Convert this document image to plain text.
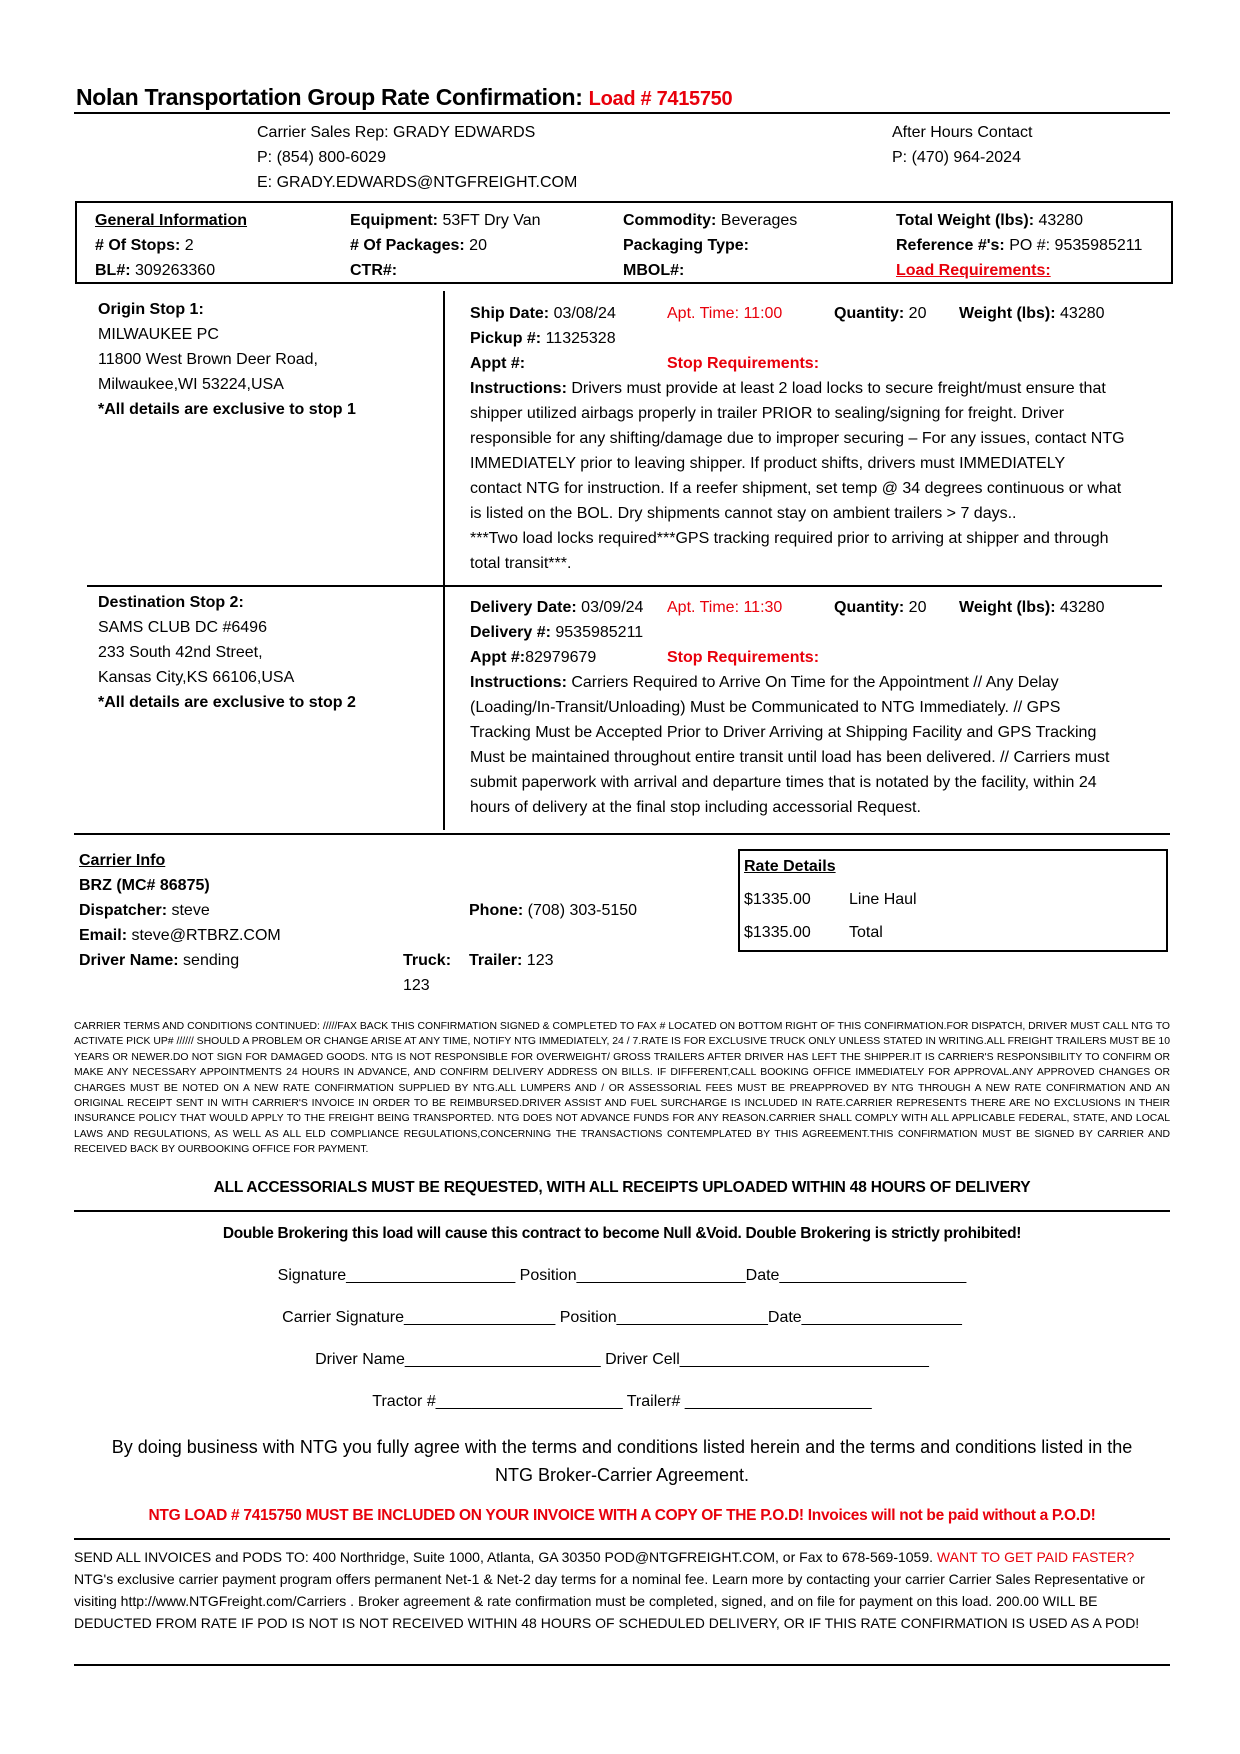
Nolan Transportation Group Rate Confirmation: Load # 7415750
Carrier Sales Rep: GRADY EDWARDS
P: (854) 800-6029
E: GRADY.EDWARDS@NTGFREIGHT.COM
After Hours Contact
P: (470) 964-2024
General Information	Equipment: 53FT Dry Van	Commodity: Beverages	Total Weight (lbs): 43280
# Of Stops: 2	# Of Packages: 20	Packaging Type:	Reference #'s: PO #: 9535985211
BL#: 309263360	CTR#:	MBOL#:	Load Requirements:
Origin Stop 1:
MILWAUKEE PC
11800 West Brown Deer Road,
Milwaukee,WI 53224,USA
*All details are exclusive to stop 1
Ship Date: 03/08/24	Apt. Time: 11:00	Quantity: 20 Weight (lbs): 43280
Pickup #: 11325328
Appt #:	Stop Requirements:
Instructions: Drivers must provide at least 2 load locks to secure freight/must ensure that
shipper utilized airbags properly in trailer PRIOR to sealing/signing for freight. Driver
responsible for any shifting/damage due to improper securing – For any issues, contact NTG
IMMEDIATELY prior to leaving shipper. If product shifts, drivers must IMMEDIATELY
contact NTG for instruction. If a reefer shipment, set temp @ 34 degrees continuous or what
is listed on the BOL. Dry shipments cannot stay on ambient trailers > 7 days..
***Two load locks required***GPS tracking required prior to arriving at shipper and through
total transit***.
Destination Stop 2:
SAMS CLUB DC #6496
233 South 42nd Street,
Kansas City,KS 66106,USA
*All details are exclusive to stop 2
Delivery Date: 03/09/24 Apt. Time: 11:30	Quantity: 20 Weight (lbs): 43280
Delivery #: 9535985211
Appt #:82979679	Stop Requirements:
Instructions: Carriers Required to Arrive On Time for the Appointment // Any Delay
(Loading/In-Transit/Unloading) Must be Communicated to NTG Immediately. // GPS
Tracking Must be Accepted Prior to Driver Arriving at Shipping Facility and GPS Tracking
Must be maintained throughout entire transit until load has been delivered. // Carriers must
submit paperwork with arrival and departure times that is notated by the facility, within 24
hours of delivery at the final stop including accessorial Request.
Carrier Info
BRZ (MC# 86875)
Dispatcher: steve	Phone: (708) 303-5150
Email: steve@RTBRZ.COM
Driver Name: sending	Truck:
123
Trailer: 123
Rate Details
$1335.00 Line Haul
$1335.00 Total
CARRIER TERMS AND CONDITIONS CONTINUED: /////FAX BACK THIS CONFIRMATION SIGNED & COMPLETED TO FAX # LOCATED ON BOTTOM RIGHT OF THIS CONFIRMATION.FOR DISPATCH, DRIVER MUST CALL NTG TO ACTIVATE PICK UP# ////// SHOULD A PROBLEM OR CHANGE ARISE AT ANY TIME, NOTIFY NTG IMMEDIATELY, 24 / 7.RATE IS FOR EXCLUSIVE TRUCK ONLY UNLESS STATED IN WRITING.ALL FREIGHT TRAILERS MUST BE 10 YEARS OR NEWER.DO NOT SIGN FOR DAMAGED GOODS. NTG IS NOT RESPONSIBLE FOR OVERWEIGHT/ GROSS TRAILERS AFTER DRIVER HAS LEFT THE SHIPPER.IT IS CARRIER'S RESPONSIBILITY TO CONFIRM OR MAKE ANY NECESSARY APPOINTMENTS 24 HOURS IN ADVANCE, AND CONFIRM DELIVERY ADDRESS ON BILLS. IF DIFFERENT,CALL BOOKING OFFICE IMMEDIATELY FOR APPROVAL.ANY APPROVED CHANGES OR CHARGES MUST BE NOTED ON A NEW RATE CONFIRMATION SUPPLIED BY NTG.ALL LUMPERS AND / OR ASSESSORIAL FEES MUST BE PREAPPROVED BY NTG THROUGH A NEW RATE CONFIRMATION AND AN ORIGINAL RECEIPT SENT IN WITH CARRIER'S INVOICE IN ORDER TO BE REIMBURSED.DRIVER ASSIST AND FUEL SURCHARGE IS INCLUDED IN RATE.CARRIER REPRESENTS THERE ARE NO EXCLUSIONS IN THEIR INSURANCE POLICY THAT WOULD APPLY TO THE FREIGHT BEING TRANSPORTED. NTG DOES NOT ADVANCE FUNDS FOR ANY REASON.CARRIER SHALL COMPLY WITH ALL APPLICABLE FEDERAL, STATE, AND LOCAL LAWS AND REGULATIONS, AS WELL AS ALL ELD COMPLIANCE REGULATIONS,CONCERNING THE TRANSACTIONS CONTEMPLATED BY THIS AGREEMENT.THIS CONFIRMATION MUST BE SIGNED BY CARRIER AND RECEIVED BACK BY OURBOOKING OFFICE FOR PAYMENT.
ALL ACCESSORIALS MUST BE REQUESTED, WITH ALL RECEIPTS UPLOADED WITHIN 48 HOURS OF DELIVERY
Double Brokering this load will cause this contract to become Null &Void. Double Brokering is strictly prohibited!
Signature___________________ Position___________________Date_____________________
Carrier Signature_________________ Position_________________Date__________________
Driver Name______________________ Driver Cell____________________________
Tractor #_____________________ Trailer# _____________________
By doing business with NTG you fully agree with the terms and conditions listed herein and the terms and conditions listed in the
NTG Broker-Carrier Agreement.
NTG LOAD # 7415750 MUST BE INCLUDED ON YOUR INVOICE WITH A COPY OF THE P.O.D! Invoices will not be paid without a P.O.D!
SEND ALL INVOICES and PODS TO: 400 Northridge, Suite 1000, Atlanta, GA 30350 POD@NTGFREIGHT.COM, or Fax to 678-569-1059. WANT TO GET PAID FASTER? NTG's exclusive carrier payment program offers permanent Net-1 & Net-2 day terms for a nominal fee. Learn more by contacting your carrier Carrier Sales Representative or visiting http://www.NTGFreight.com/Carriers . Broker agreement & rate confirmation must be completed, signed, and on file for payment on this load. 200.00 WILL BE DEDUCTED FROM RATE IF POD IS NOT IS NOT RECEIVED WITHIN 48 HOURS OF SCHEDULED DELIVERY, OR IF THIS RATE CONFIRMATION IS USED AS A POD!
